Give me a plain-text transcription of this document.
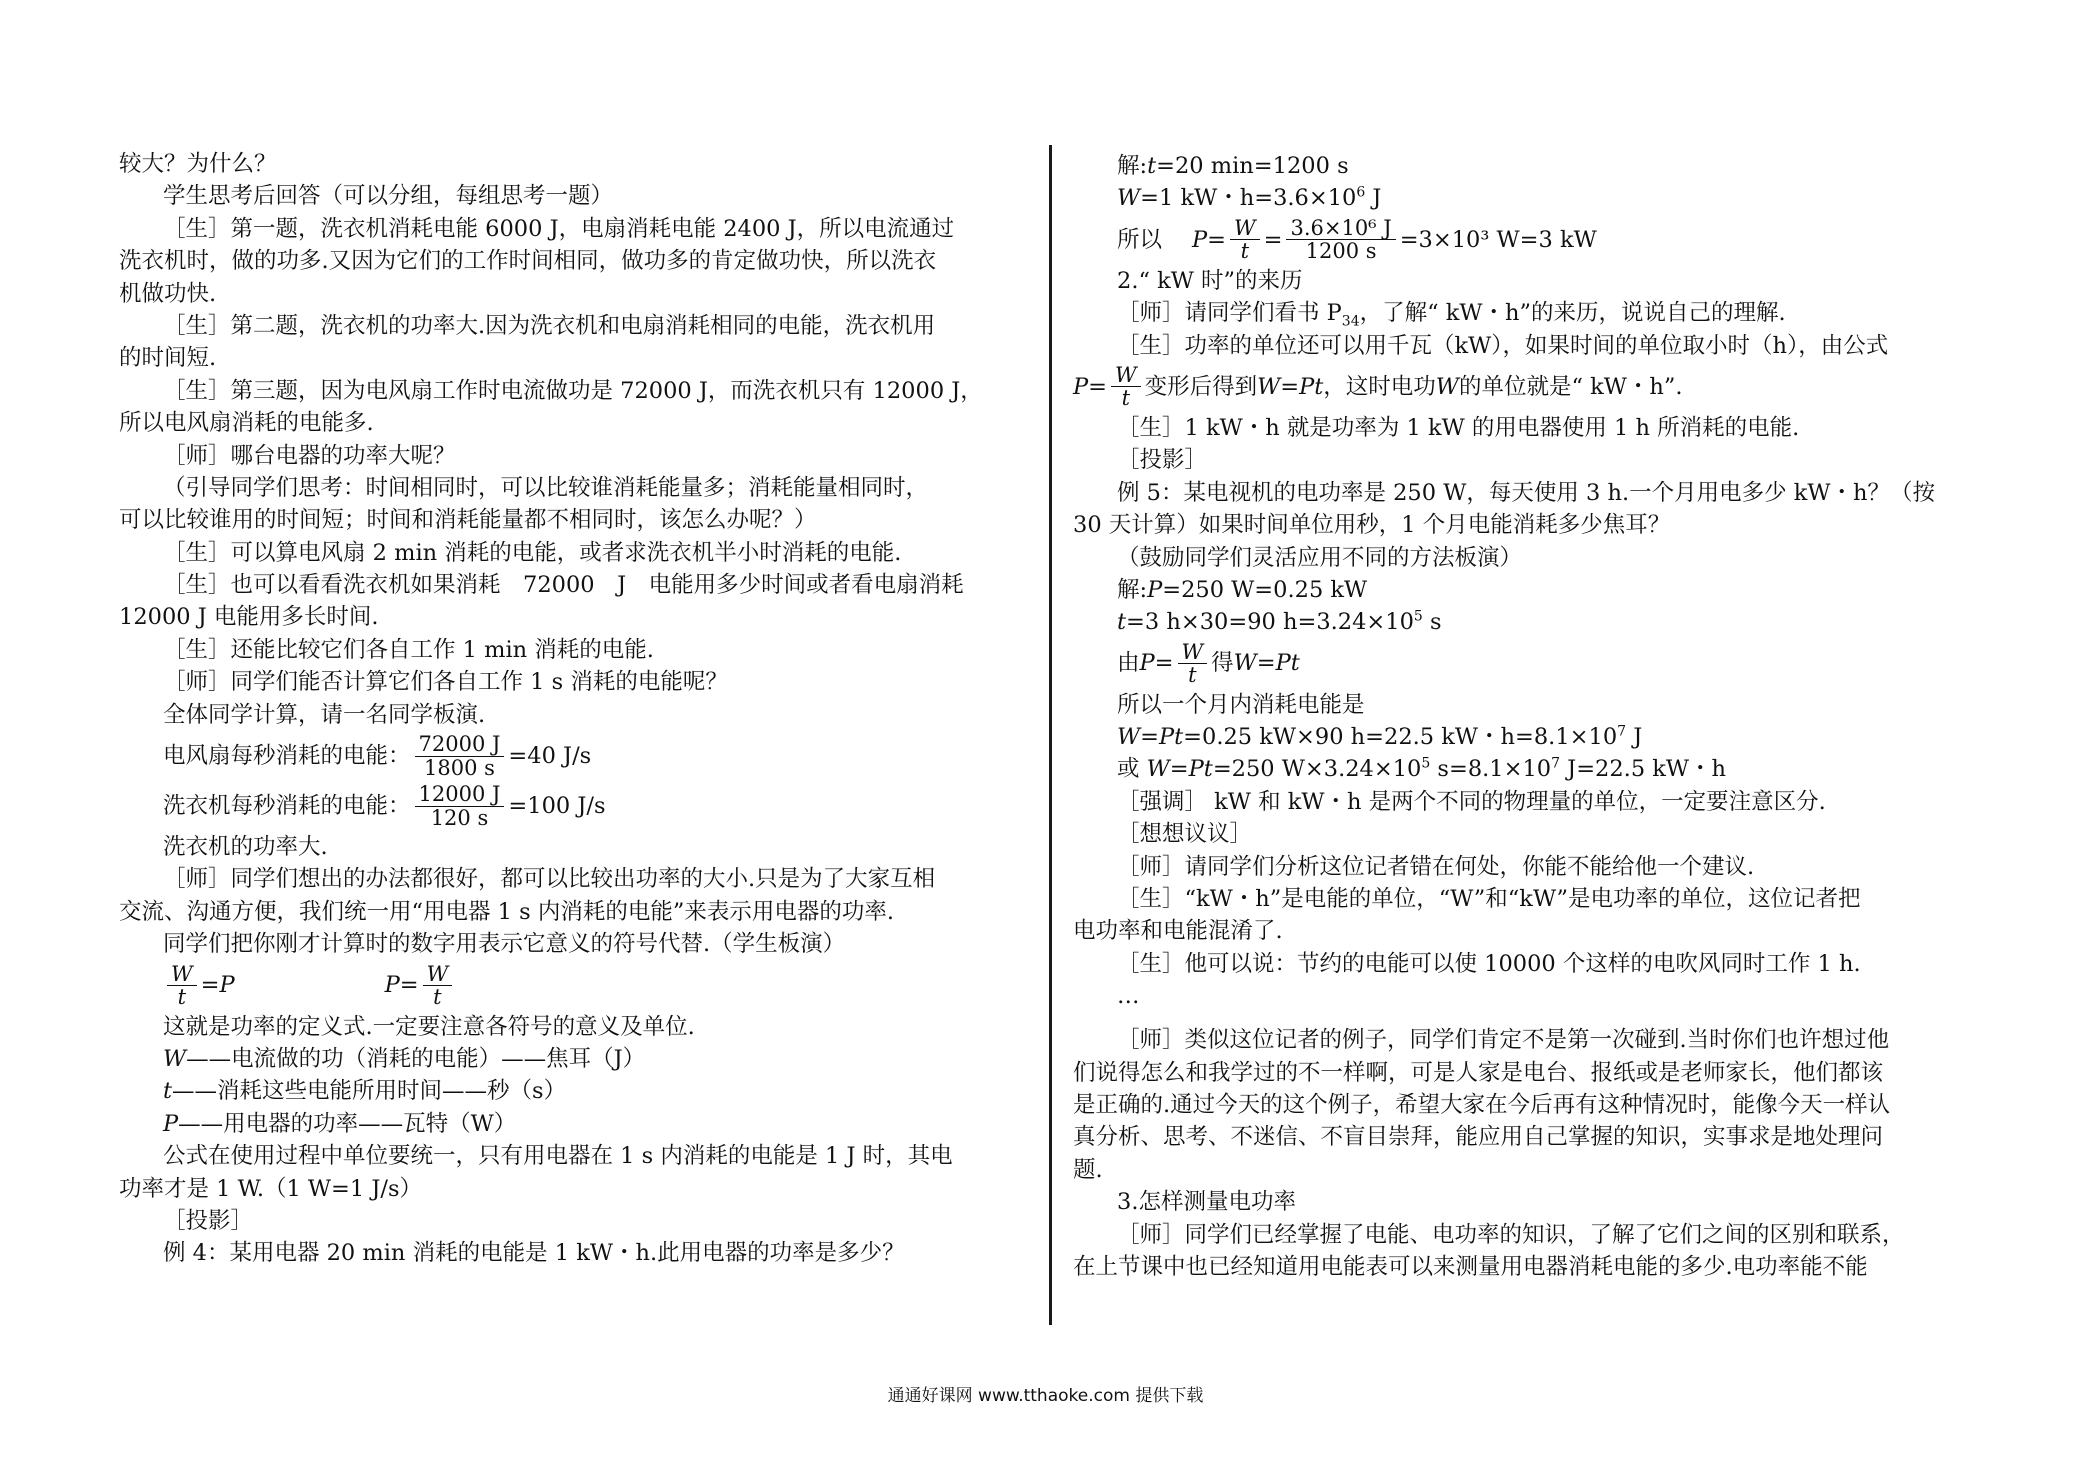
较大？为什么？
学生思考后回答（可以分组，每组思考一题）
［生］第一题，洗衣机消耗电能 6000 J，电扇消耗电能 2400 J，所以电流通过
洗衣机时，做的功多.又因为它们的工作时间相同，做功多的肯定做功快，所以洗衣
机做功快.
［生］第二题，洗衣机的功率大.因为洗衣机和电扇消耗相同的电能，洗衣机用
的时间短.
［生］第三题，因为电风扇工作时电流做功是 72000 J，而洗衣机只有 12000 J，
所以电风扇消耗的电能多.
［师］哪台电器的功率大呢？
（引导同学们思考：时间相同时，可以比较谁消耗能量多；消耗能量相同时，
可以比较谁用的时间短；时间和消耗能量都不相同时，该怎么办呢？）
［生］可以算电风扇 2 min 消耗的电能，或者求洗衣机半小时消耗的电能.
［生］也可以看看洗衣机如果消耗　72000　J　电能用多少时间或者看电扇消耗
12000 J 电能用多长时间.
［生］还能比较它们各自工作 1 min 消耗的电能.
［师］同学们能否计算它们各自工作 1 s 消耗的电能呢？
全体同学计算，请一名同学板演.
电风扇每秒消耗的电能： $\frac{72000 J}{1800 s} =40$ J/s
洗衣机每秒消耗的电能： $\frac{12000 J}{120 s} =100$ J/s
洗衣机的功率大.
［师］同学们想出的办法都很好，都可以比较出功率的大小.只是为了大家互相
交流、沟通方便，我们统一用“用电器 1 s 内消耗的电能”来表示用电器的功率.
同学们把你刚才计算时的数字用表示它意义的符号代替.（学生板演）
$\frac{W}{t} =P$	$P= \frac{W}{t}$
这就是功率的定义式.一定要注意各符号的意义及单位.
W——电流做的功（消耗的电能）——焦耳（J）
t——消耗这些电能所用时间——秒（s）
P——用电器的功率——瓦特（W）
公式在使用过程中单位要统一，只有用电器在 1 s 内消耗的电能是 1 J 时，其电
功率才是 1 W.（1 W=1 J/s）
［投影］
例 4：某用电器 20 min 消耗的电能是 1 kW・h.此用电器的功率是多少？
解:t=20 min=1200 s
W=1 kW・$h=3.6\times 10^6$ J
所以 $P = \frac{W}{t} = \frac{\text{3.6×10⁶ J}}{1200 s} =3\times 10^3$ W=3 kW
2.“ kW 时”的来历
［师］请同学们看书 $P_{34}$，了解“ kW・h”的来历，说说自己的理解.
［生］功率的单位还可以用千瓦（kW），如果时间的单位取小时（h），由公式
$P= \frac{W}{t}$ 变形后得到 W=Pt ，这时电功 W 的单位就是“ kW・h”.
［生］1 kW・h 就是功率为 1 kW 的用电器使用 1 h 所消耗的电能.
［投影］
例 5：某电视机的电功率是 250 W，每天使用 3 h.一个月用电多少 kW・h？（按
30 天计算）如果时间单位用秒，1 个月电能消耗多少焦耳？
（鼓励同学们灵活应用不同的方法板演）
解:P=250 W=0.25 kW
t=3 h×30=90 $h=3.24\times 10^5$ s
由 $P= \frac{W}{t}$ 得 W=Pt
所以一个月内消耗电能是
W=Pt=0.25 kW×90 h=22.5 kW・$h=8.1\times 10^7$ J
或 W=Pt=250 $W\times 3.24\times 10^5$ $s=8.1\times 10^7$ J=22.5 kW・h
［强调］ kW 和 kW・h 是两个不同的物理量的单位，一定要注意区分.
［想想议议］
［师］请同学们分析这位记者错在何处，你能不能给他一个建议.
［生］“kW・h”是电能的单位，“W”和“kW”是电功率的单位，这位记者把
电功率和电能混淆了.
［生］他可以说：节约的电能可以使 10000 个这样的电吹风同时工作 1 h.
…
［师］类似这位记者的例子，同学们肯定不是第一次碰到.当时你们也许想过他
们说得怎么和我学过的不一样啊，可是人家是电台、报纸或是老师家长，他们都该
是正确的.通过今天的这个例子，希望大家在今后再有这种情况时，能像今天一样认
真分析、思考、不迷信、不盲目崇拜，能应用自己掌握的知识，实事求是地处理问
题.
3.怎样测量电功率
［师］同学们已经掌握了电能、电功率的知识，了解了它们之间的区别和联系，
在上节课中也已经知道用电能表可以来测量用电器消耗电能的多少.电功率能不能
通通好课网 www.tthaoke.com 提供下载
